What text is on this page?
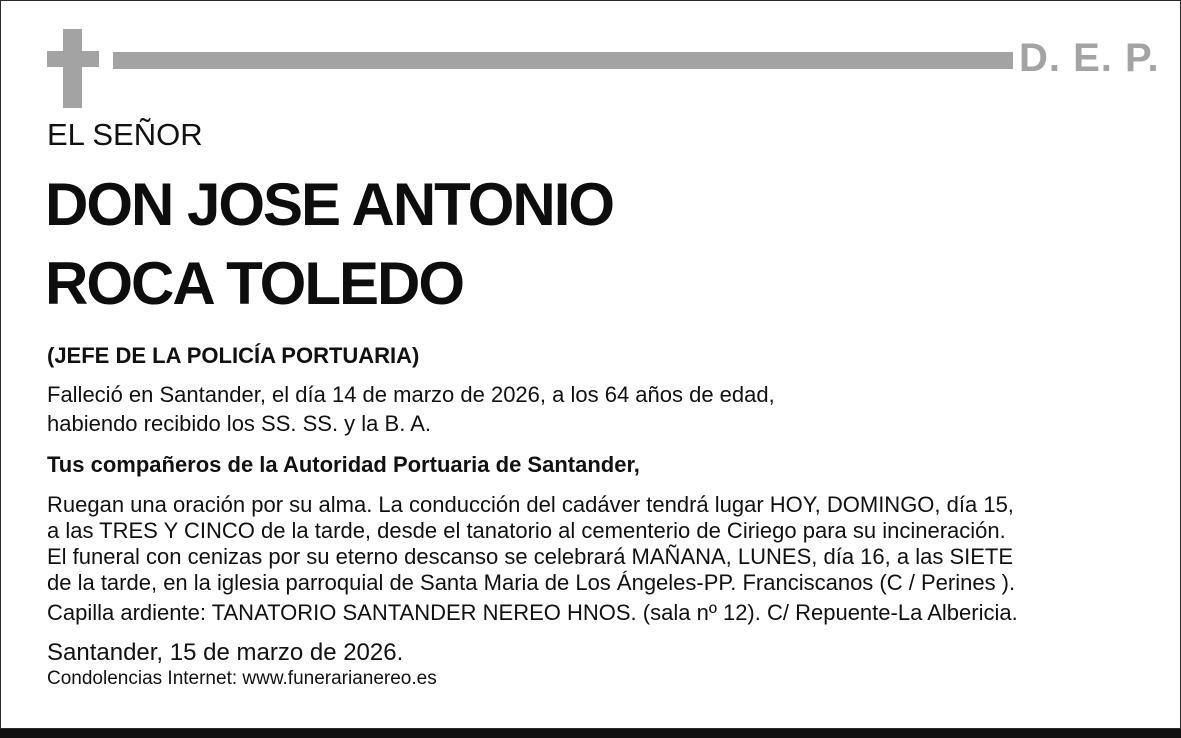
D. E. P.
EL SEÑOR
DON JOSE ANTONIO
ROCA TOLEDO
(JEFE DE LA POLICÍA PORTUARIA)
Falleció en Santander, el día 14 de marzo de 2026, a los 64 años de edad,
habiendo recibido los SS. SS. y la B. A.
Tus compañeros de la Autoridad Portuaria de Santander,
Ruegan una oración por su alma. La conducción del cadáver tendrá lugar HOY, DOMINGO, día 15,
a las TRES Y CINCO de la tarde, desde el tanatorio al cementerio de Ciriego para su incineración.
El funeral con cenizas por su eterno descanso se celebrará MAÑANA, LUNES, día 16, a las SIETE
de la tarde, en la iglesia parroquial de Santa Maria de Los Ángeles-PP. Franciscanos (C / Perines ).
Capilla ardiente: TANATORIO SANTANDER NEREO HNOS. (sala nº 12). C/ Repuente-La Albericia.
Santander, 15 de marzo de 2026.
Condolencias Internet: www.funerarianereo.es
